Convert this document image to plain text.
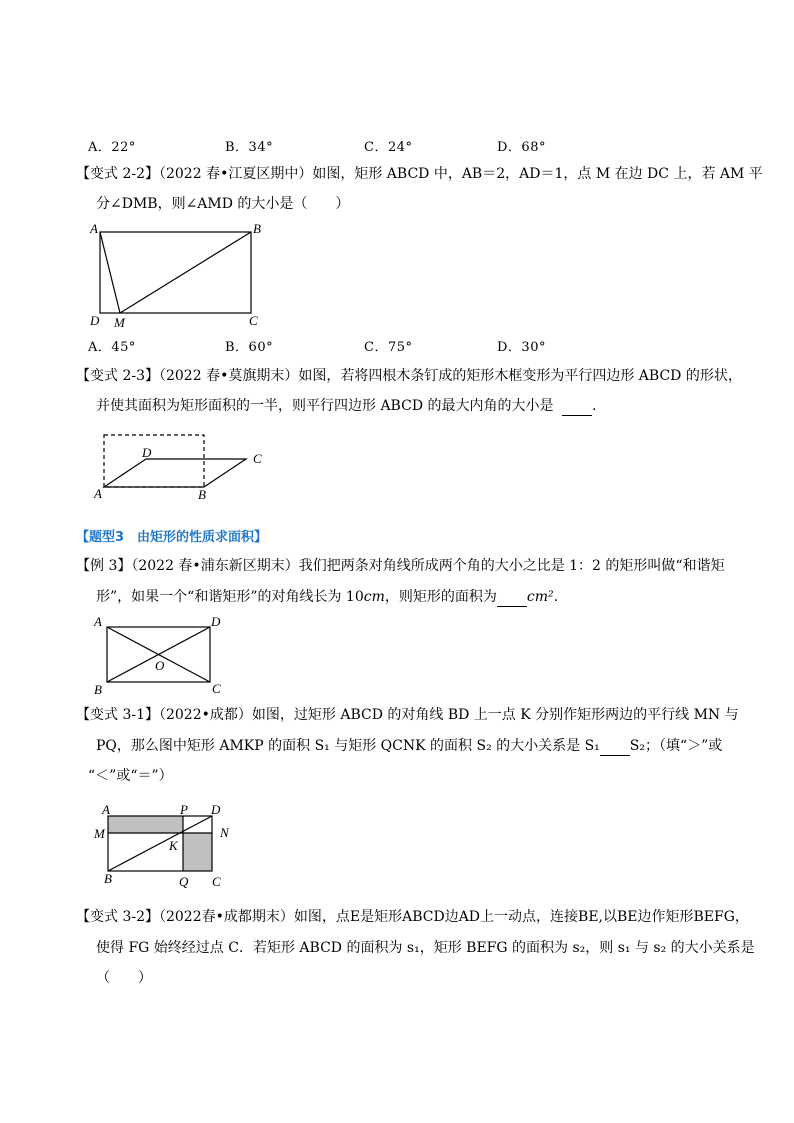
A．22°	B．34°	C．24°	D．68°
【变式 2-2】（2022 春•江夏区期中）如图，矩形 ABCD 中，AB＝2，AD＝1，点 M 在边 DC 上，若 AM 平
分∠DMB，则∠AMD 的大小是（　　）
A	B
C
D M
A．45°	B．60°	C．75°	D．30°
【变式 2-3】（2022 春•莫旗期末）如图，若将四根木条钉成的矩形木框变形为平行四边形 ABCD 的形状，
并使其面积为矩形面积的一半，则平行四边形 ABCD 的最大内角的大小是	.
A	B
C
D
【题型3　由矩形的性质求面积】
【例 3】（2022 春•浦东新区期末）我们把两条对角线所成两个角的大小之比是 1：2 的矩形叫做“和谐矩
形”，如果一个“和谐矩形”的对角线长为 10cm，则矩形的面积为 cm².
A	D
B	C
O
【变式 3-1】（2022•成都）如图，过矩形 ABCD 的对角线 BD 上一点 K 分别作矩形两边的平行线 MN 与
PQ，那么图中矩形 AMKP 的面积 S₁ 与矩形 QCNK 的面积 S₂ 的大小关系是 S₁ S₂；（填“＞”或
“＜”或“＝”）
A	P D
M	N
K
B	Q C
【变式 3-2】（2022春•成都期末）如图，点E是矩形ABCD边AD上一动点，连接BE,以BE边作矩形BEFG，
使得 FG 始终经过点 C．若矩形 ABCD 的面积为 s₁，矩形 BEFG 的面积为 s₂，则 s₁ 与 s₂ 的大小关系是
（　　）
